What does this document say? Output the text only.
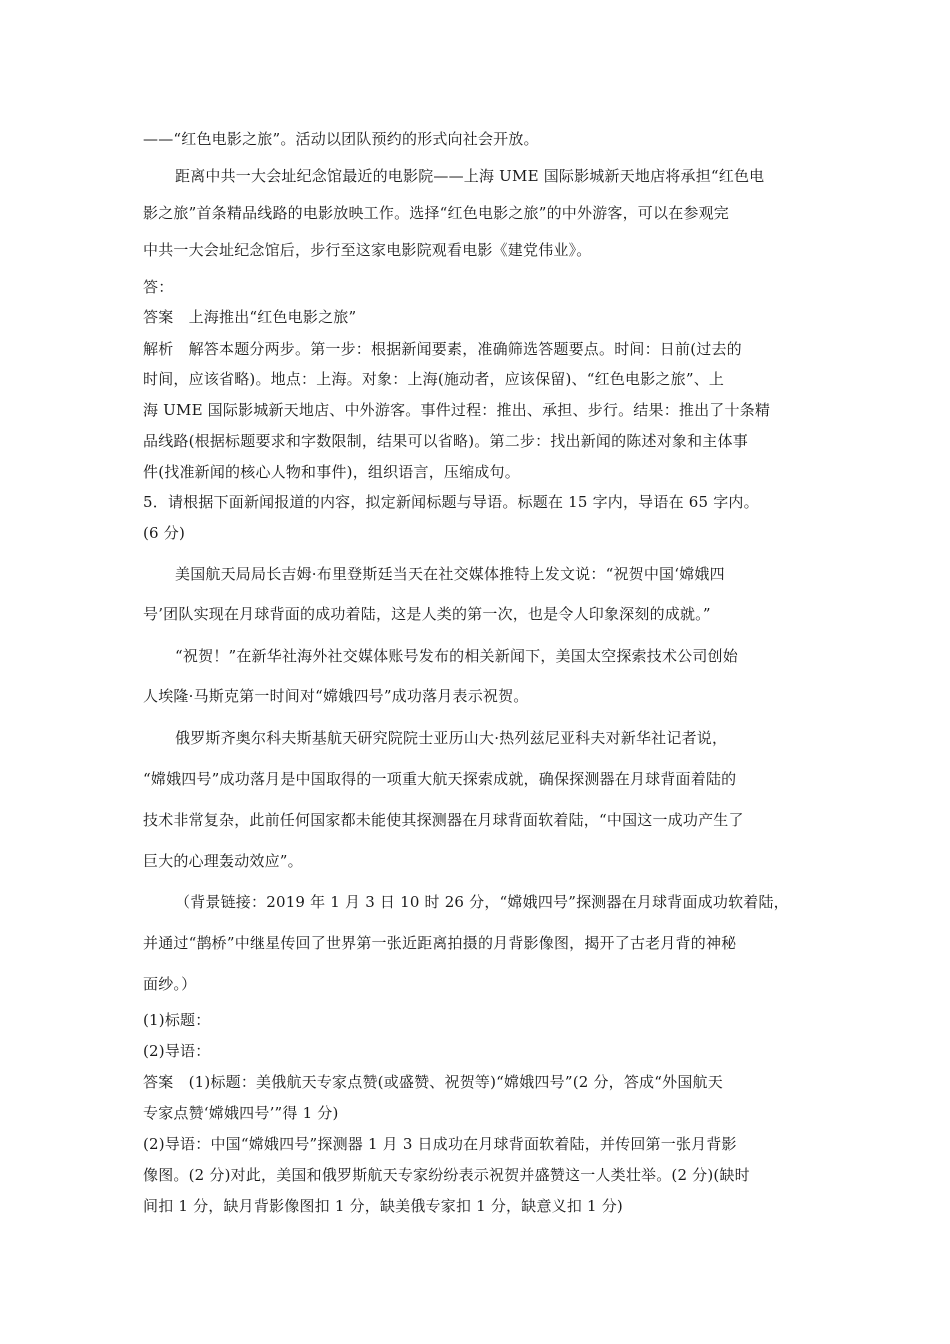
——“红色电影之旅”。活动以团队预约的形式向社会开放。
距离中共一大会址纪念馆最近的电影院——上海 UME 国际影城新天地店将承担“红色电
影之旅”首条精品线路的电影放映工作。选择“红色电影之旅”的中外游客，可以在参观完
中共一大会址纪念馆后，步行至这家电影院观看电影《建党伟业》。
答：
答案　上海推出“红色电影之旅”
解析　解答本题分两步。第一步：根据新闻要素，准确筛选答题要点。时间：日前(过去的
时间，应该省略)。地点：上海。对象：上海(施动者，应该保留)、“红色电影之旅”、上
海 UME 国际影城新天地店、中外游客。事件过程：推出、承担、步行。结果：推出了十条精
品线路(根据标题要求和字数限制，结果可以省略)。第二步：找出新闻的陈述对象和主体事
件(找准新闻的核心人物和事件)，组织语言，压缩成句。
5．请根据下面新闻报道的内容，拟定新闻标题与导语。标题在 15 字内，导语在 65 字内。
(6 分)
美国航天局局长吉姆·布里登斯廷当天在社交媒体推特上发文说：“祝贺中国‘嫦娥四
号’团队实现在月球背面的成功着陆，这是人类的第一次，也是令人印象深刻的成就。”
“祝贺！”在新华社海外社交媒体账号发布的相关新闻下，美国太空探索技术公司创始
人埃隆·马斯克第一时间对“嫦娥四号”成功落月表示祝贺。
俄罗斯齐奥尔科夫斯基航天研究院院士亚历山大·热列兹尼亚科夫对新华社记者说，
“嫦娥四号”成功落月是中国取得的一项重大航天探索成就，确保探测器在月球背面着陆的
技术非常复杂，此前任何国家都未能使其探测器在月球背面软着陆，“中国这一成功产生了
巨大的心理轰动效应”。
（背景链接：2019 年 1 月 3 日 10 时 26 分，“嫦娥四号”探测器在月球背面成功软着陆，
并通过“鹊桥”中继星传回了世界第一张近距离拍摄的月背影像图，揭开了古老月背的神秘
面纱。）
(1)标题：
(2)导语：
答案　(1)标题：美俄航天专家点赞(或盛赞、祝贺等)“嫦娥四号”(2 分，答成“外国航天
专家点赞‘嫦娥四号’”得 1 分)
(2)导语：中国“嫦娥四号”探测器 1 月 3 日成功在月球背面软着陆，并传回第一张月背影
像图。(2 分)对此，美国和俄罗斯航天专家纷纷表示祝贺并盛赞这一人类壮举。(2 分)(缺时
间扣 1 分，缺月背影像图扣 1 分，缺美俄专家扣 1 分，缺意义扣 1 分)
